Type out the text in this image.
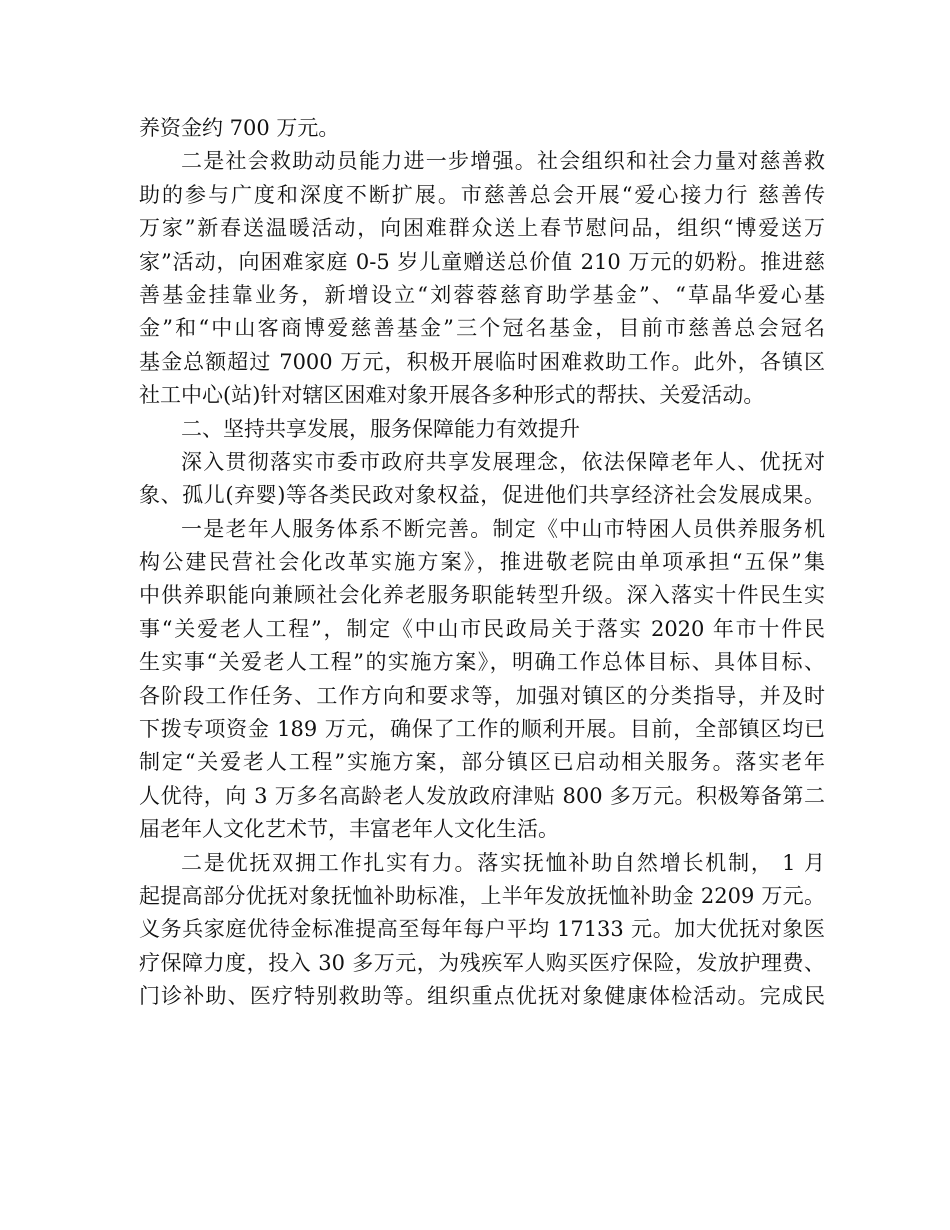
养资金约 700 万元。
二是社会救助动员能力进一步增强。社会组织和社会力量对慈善救
助的参与广度和深度不断扩展。市慈善总会开展“爱心接力行 慈善传
万家”新春送温暖活动，向困难群众送上春节慰问品，组织“博爱送万
家”活动，向困难家庭 0-5 岁儿童赠送总价值 210 万元的奶粉。推进慈
善基金挂靠业务，新增设立“刘蓉蓉慈育助学基金”、“草晶华爱心基
金”和“中山客商博爱慈善基金”三个冠名基金，目前市慈善总会冠名
基金总额超过 7000 万元，积极开展临时困难救助工作。此外，各镇区
社工中心(站)针对辖区困难对象开展各多种形式的帮扶、关爱活动。
二、坚持共享发展，服务保障能力有效提升
深入贯彻落实市委市政府共享发展理念，依法保障老年人、优抚对
象、孤儿(弃婴)等各类民政对象权益，促进他们共享经济社会发展成果。
一是老年人服务体系不断完善。制定《中山市特困人员供养服务机
构公建民营社会化改革实施方案》，推进敬老院由单项承担“五保”集
中供养职能向兼顾社会化养老服务职能转型升级。深入落实十件民生实
事“关爱老人工程”，制定《中山市民政局关于落实 2020 年市十件民
生实事“关爱老人工程”的实施方案》，明确工作总体目标、具体目标、
各阶段工作任务、工作方向和要求等，加强对镇区的分类指导，并及时
下拨专项资金 189 万元，确保了工作的顺利开展。目前，全部镇区均已
制定“关爱老人工程”实施方案，部分镇区已启动相关服务。落实老年
人优待，向 3 万多名高龄老人发放政府津贴 800 多万元。积极筹备第二
届老年人文化艺术节，丰富老年人文化生活。
二是优抚双拥工作扎实有力。落实抚恤补助自然增长机制， 1 月
起提高部分优抚对象抚恤补助标准，上半年发放抚恤补助金 2209 万元。
义务兵家庭优待金标准提高至每年每户平均 17133 元。加大优抚对象医
疗保障力度，投入 30 多万元，为残疾军人购买医疗保险，发放护理费、
门诊补助、医疗特别救助等。组织重点优抚对象健康体检活动。完成民
